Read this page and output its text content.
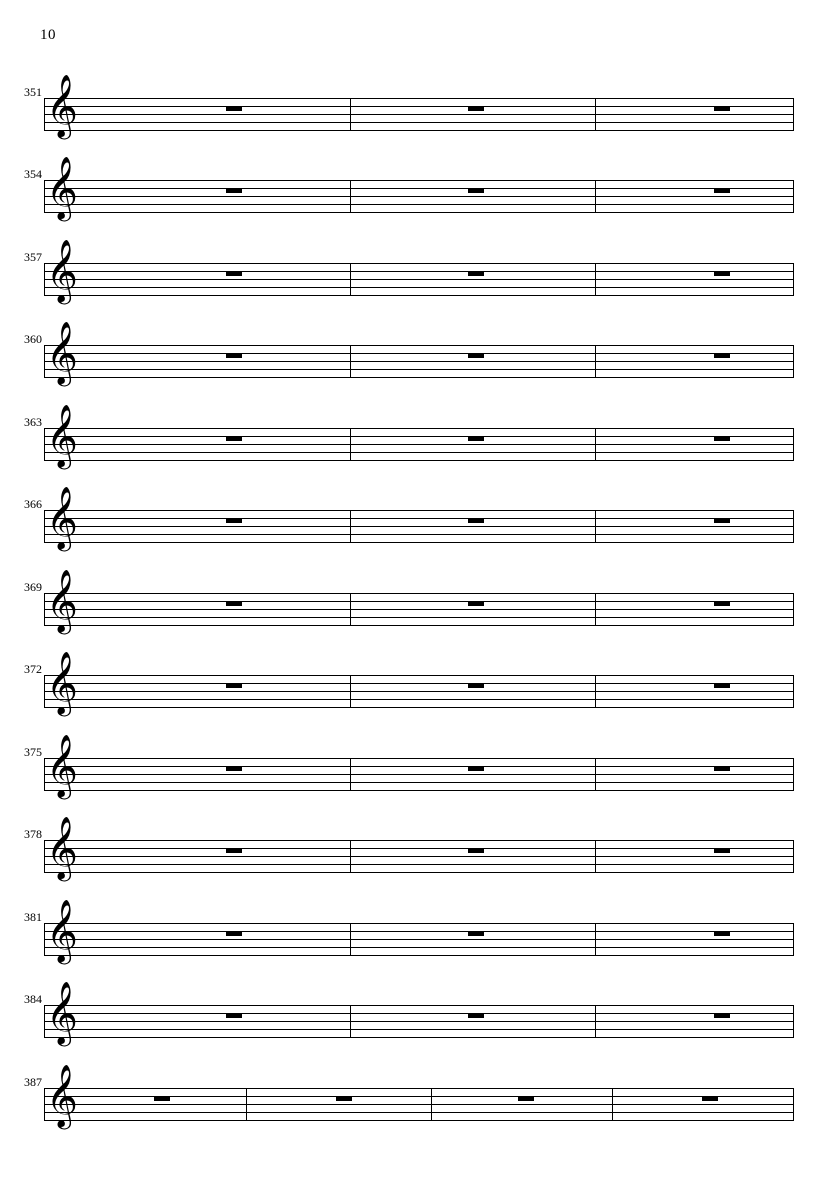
10
351 𝄞
354 𝄞
357 𝄞
360 𝄞
363 𝄞
366 𝄞
369 𝄞
372 𝄞
375 𝄞
378 𝄞
381 𝄞
384 𝄞
387 𝄞
